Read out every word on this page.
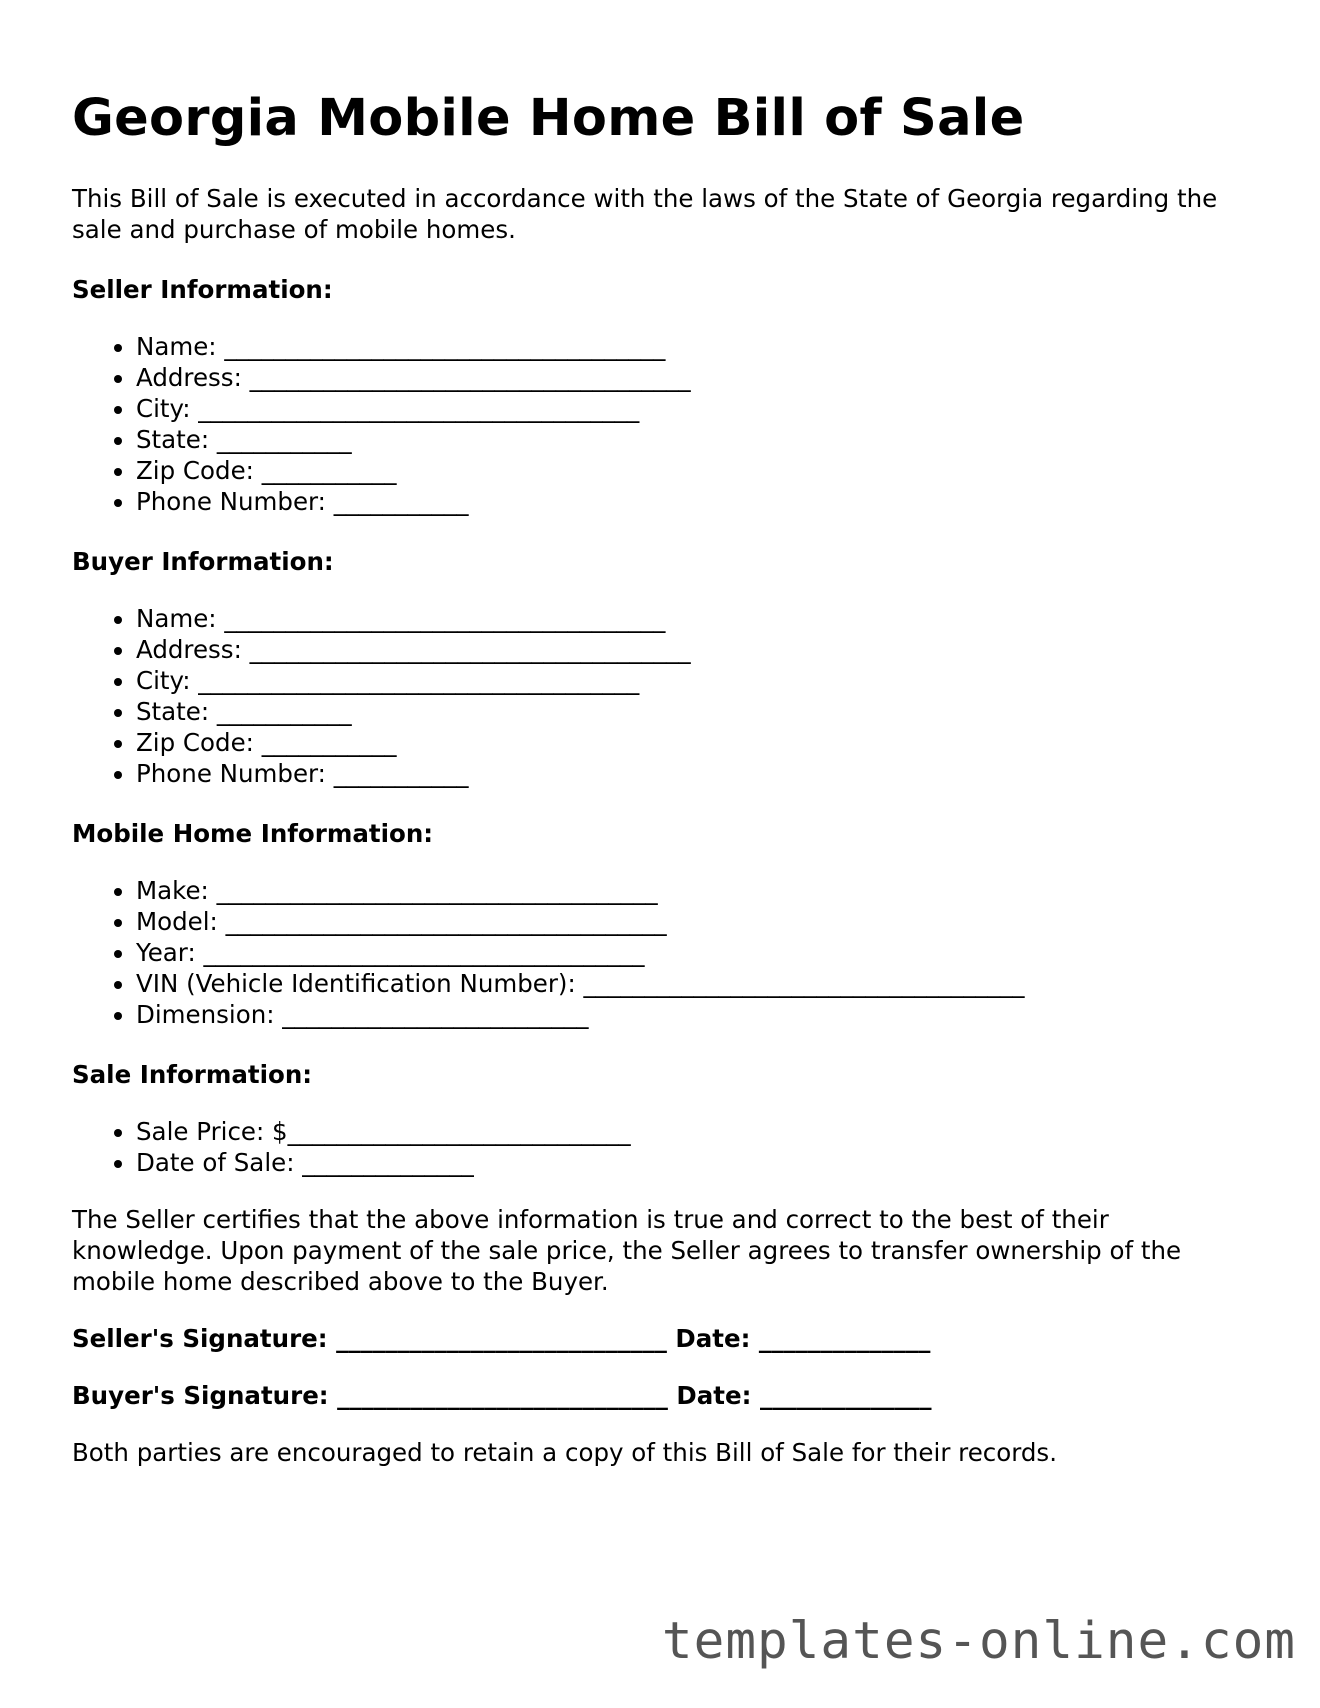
Georgia Mobile Home Bill of Sale

This Bill of Sale is executed in accordance with the laws of the State of Georgia regarding the sale and purchase of mobile homes.

Seller Information:
• Name: ____________________________________
• Address: ____________________________________
• City: ____________________________________
• State: ___________
• Zip Code: ___________
• Phone Number: ___________
Buyer Information:
• Name: ____________________________________
• Address: ____________________________________
• City: ____________________________________
• State: ___________
• Zip Code: ___________
• Phone Number: ___________
Mobile Home Information:
• Make: ____________________________________
• Model: ____________________________________
• Year: ____________________________________
• VIN (Vehicle Identification Number): ____________________________________
• Dimension: _________________________
Sale Information:
• Sale Price: $____________________________
• Date of Sale: ______________

The Seller certifies that the above information is true and correct to the best of their knowledge. Upon payment of the sale price, the Seller agrees to transfer ownership of the mobile home described above to the Buyer.

Seller's Signature: ___________________________ Date: ______________
Buyer's Signature: ___________________________ Date: ______________

Both parties are encouraged to retain a copy of this Bill of Sale for their records.

templates-online.com
